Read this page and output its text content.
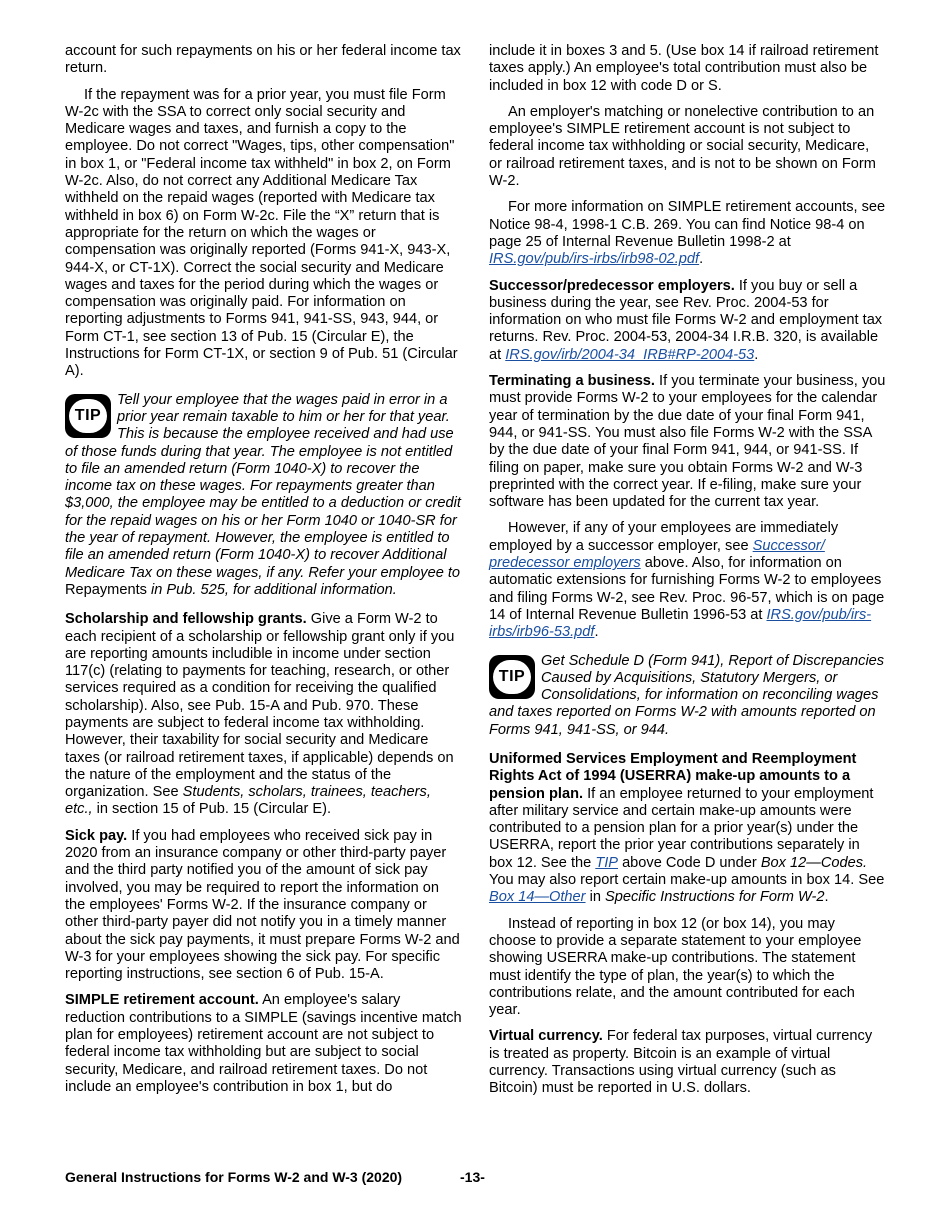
account for such repayments on his or her federal income tax return.

If the repayment was for a prior year, you must file Form W-2c with the SSA to correct only social security and Medicare wages and taxes, and furnish a copy to the employee. Do not correct "Wages, tips, other compensation" in box 1, or "Federal income tax withheld" in box 2, on Form W-2c. Also, do not correct any Additional Medicare Tax withheld on the repaid wages (reported with Medicare tax withheld in box 6) on Form W-2c. File the “X” return that is appropriate for the return on which the wages or compensation was originally reported (Forms 941-X, 943-X, 944-X, or CT-1X). Correct the social security and Medicare wages and taxes for the period during which the wages or compensation was originally paid. For information on reporting adjustments to Forms 941, 941-SS, 943, 944, or Form CT-1, see section 13 of Pub. 15 (Circular E), the Instructions for Form CT-1X, or section 9 of Pub. 51 (Circular A).

TIP
Tell your employee that the wages paid in error in a prior year remain taxable to him or her for that year. This is because the employee received and had use of those funds during that year. The employee is not entitled to file an amended return (Form 1040-X) to recover the income tax on these wages. For repayments greater than $3,000, the employee may be entitled to a deduction or credit for the repaid wages on his or her Form 1040 or 1040-SR for the year of repayment. However, the employee is entitled to file an amended return (Form 1040-X) to recover Additional Medicare Tax on these wages, if any. Refer your employee to Repayments in Pub. 525, for additional information.

Scholarship and fellowship grants. Give a Form W-2 to each recipient of a scholarship or fellowship grant only if you are reporting amounts includible in income under section 117(c) (relating to payments for teaching, research, or other services required as a condition for receiving the qualified scholarship). Also, see Pub. 15-A and Pub. 970. These payments are subject to federal income tax withholding. However, their taxability for social security and Medicare taxes (or railroad retirement taxes, if applicable) depends on the nature of the employment and the status of the organization. See Students, scholars, trainees, teachers, etc., in section 15 of Pub. 15 (Circular E).

Sick pay. If you had employees who received sick pay in 2020 from an insurance company or other third-party payer and the third party notified you of the amount of sick pay involved, you may be required to report the information on the employees' Forms W-2. If the insurance company or other third-party payer did not notify you in a timely manner about the sick pay payments, it must prepare Forms W-2 and W-3 for your employees showing the sick pay. For specific reporting instructions, see section 6 of Pub. 15-A.

SIMPLE retirement account. An employee's salary reduction contributions to a SIMPLE (savings incentive match plan for employees) retirement account are not subject to federal income tax withholding but are subject to social security, Medicare, and railroad retirement taxes. Do not include an employee's contribution in box 1, but do

include it in boxes 3 and 5. (Use box 14 if railroad retirement taxes apply.) An employee's total contribution must also be included in box 12 with code D or S.

An employer's matching or nonelective contribution to an employee's SIMPLE retirement account is not subject to federal income tax withholding or social security, Medicare, or railroad retirement taxes, and is not to be shown on Form W-2.

For more information on SIMPLE retirement accounts, see Notice 98-4, 1998-1 C.B. 269. You can find Notice 98-4 on page 25 of Internal Revenue Bulletin 1998-2 at IRS.gov/pub/irs-irbs/irb98-02.pdf.

Successor/predecessor employers. If you buy or sell a business during the year, see Rev. Proc. 2004-53 for information on who must file Forms W-2 and employment tax returns. Rev. Proc. 2004-53, 2004-34 I.R.B. 320, is available at IRS.gov/irb/2004-34_IRB#RP-2004-53.

Terminating a business. If you terminate your business, you must provide Forms W-2 to your employees for the calendar year of termination by the due date of your final Form 941, 944, or 941-SS. You must also file Forms W-2 with the SSA by the due date of your final Form 941, 944, or 941-SS. If filing on paper, make sure you obtain Forms W-2 and W-3 preprinted with the correct year. If e-filing, make sure your software has been updated for the current tax year.

However, if any of your employees are immediately employed by a successor employer, see Successor/ predecessor employers above. Also, for information on automatic extensions for furnishing Forms W-2 to employees and filing Forms W-2, see Rev. Proc. 96-57, which is on page 14 of Internal Revenue Bulletin 1996-53 at IRS.gov/pub/irs-irbs/irb96-53.pdf.

TIP
Get Schedule D (Form 941), Report of Discrepancies Caused by Acquisitions, Statutory Mergers, or Consolidations, for information on reconciling wages and taxes reported on Forms W-2 with amounts reported on Forms 941, 941-SS, or 944.

Uniformed Services Employment and Reemployment Rights Act of 1994 (USERRA) make-up amounts to a pension plan. If an employee returned to your employment after military service and certain make-up amounts were contributed to a pension plan for a prior year(s) under the USERRA, report the prior year contributions separately in box 12. See the TIP above Code D under Box 12—Codes. You may also report certain make-up amounts in box 14. See Box 14—Other in Specific Instructions for Form W-2.

Instead of reporting in box 12 (or box 14), you may choose to provide a separate statement to your employee showing USERRA make-up contributions. The statement must identify the type of plan, the year(s) to which the contributions relate, and the amount contributed for each year.

Virtual currency. For federal tax purposes, virtual currency is treated as property. Bitcoin is an example of virtual currency. Transactions using virtual currency (such as Bitcoin) must be reported in U.S. dollars.

General Instructions for Forms W-2 and W-3 (2020)	-13-
